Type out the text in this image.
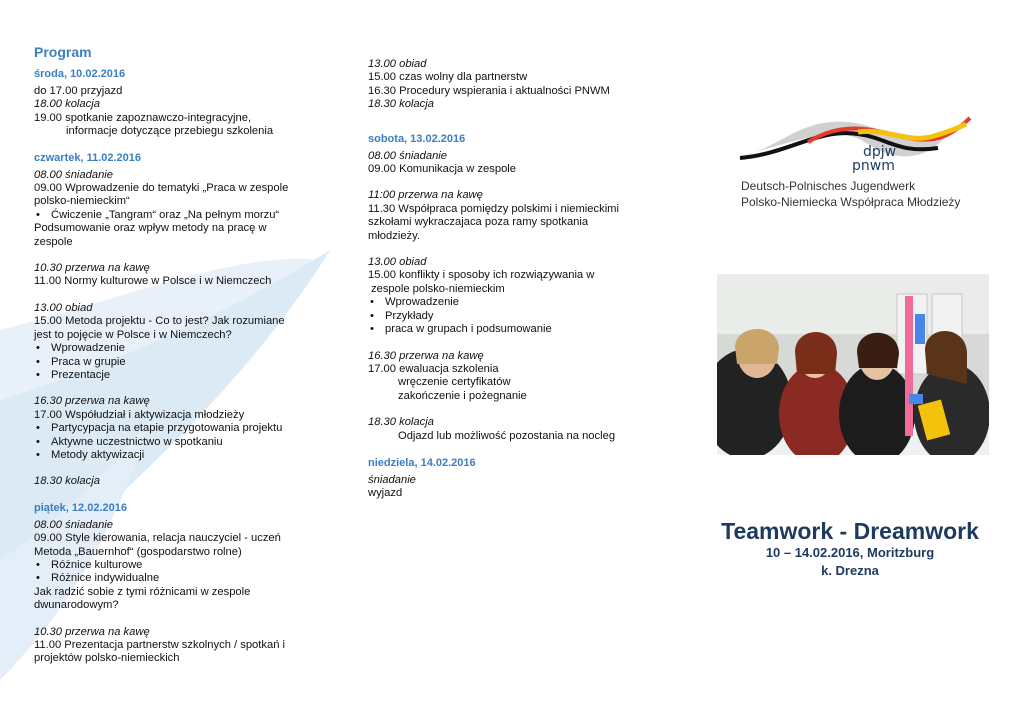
Program
środa, 10.02.2016
do 17.00 przyjazd
18.00 kolacja
19.00 spotkanie zapoznawczo-integracyjne,
informacje dotyczące przebiegu szkolenia
czwartek, 11.02.2016
08.00 śniadanie
09.00 Wprowadzenie do tematyki „Praca w zespole
polsko-niemieckim“
• Ćwiczenie „Tangram“ oraz „Na pełnym morzu“
Podsumowanie oraz wpływ metody na pracę w
zespole
10.30 przerwa na kawę
11.00 Normy kulturowe w Polsce i w Niemczech
13.00 obiad
15.00 Metoda projektu - Co to jest? Jak rozumiane
jest to pojęcie w Polsce i w Niemczech?
• Wprowadzenie
• Praca w grupie
• Prezentacje
16.30 przerwa na kawę
17.00 Współudział i aktywizacja młodzieży
• Partycypacja na etapie przygotowania projektu
• Aktywne uczestnictwo w spotkaniu
• Metody aktywizacji
18.30 kolacja
piątek, 12.02.2016
08.00 śniadanie
09.00 Style kierowania, relacja nauczyciel - uczeń
Metoda „Bauernhof“ (gospodarstwo rolne)
• Różnice kulturowe
• Różnice indywidualne
Jak radzić sobie z tymi różnicami w zespole
dwunarodowym?
10.30 przerwa na kawę
11.00 Prezentacja partnerstw szkolnych / spotkań i
projektów polsko-niemieckich
13.00 obiad
15.00 czas wolny dla partnerstw
16.30 Procedury wspierania i aktualności PNWM
18.30 kolacja
sobota, 13.02.2016
08.00 śniadanie
09.00 Komunikacja w zespole
11:00 przerwa na kawę
11.30 Współpraca pomiędzy polskimi i niemieckimi
szkołami wykraczajaca poza ramy spotkania
młodzieży.
13.00 obiad
15.00 konflikty i sposoby ich rozwiązywania w
zespole polsko-niemieckim
• Wprowadzenie
• Przykłady
• praca w grupach i podsumowanie
16.30 przerwa na kawę
17.00 ewaluacja szkolenia
wręczenie certyfikatów
zakończenie i pożegnanie
18.30 kolacja
Odjazd lub możliwość pozostania na nocleg
niedziela, 14.02.2016
śniadanie
wyjazd
dpjw
pnwm
Deutsch-Polnisches Jugendwerk
Polsko-Niemiecka Współpraca Młodzieży
Teamwork - Dreamwork
10 – 14.02.2016, Moritzburg
k. Drezna
